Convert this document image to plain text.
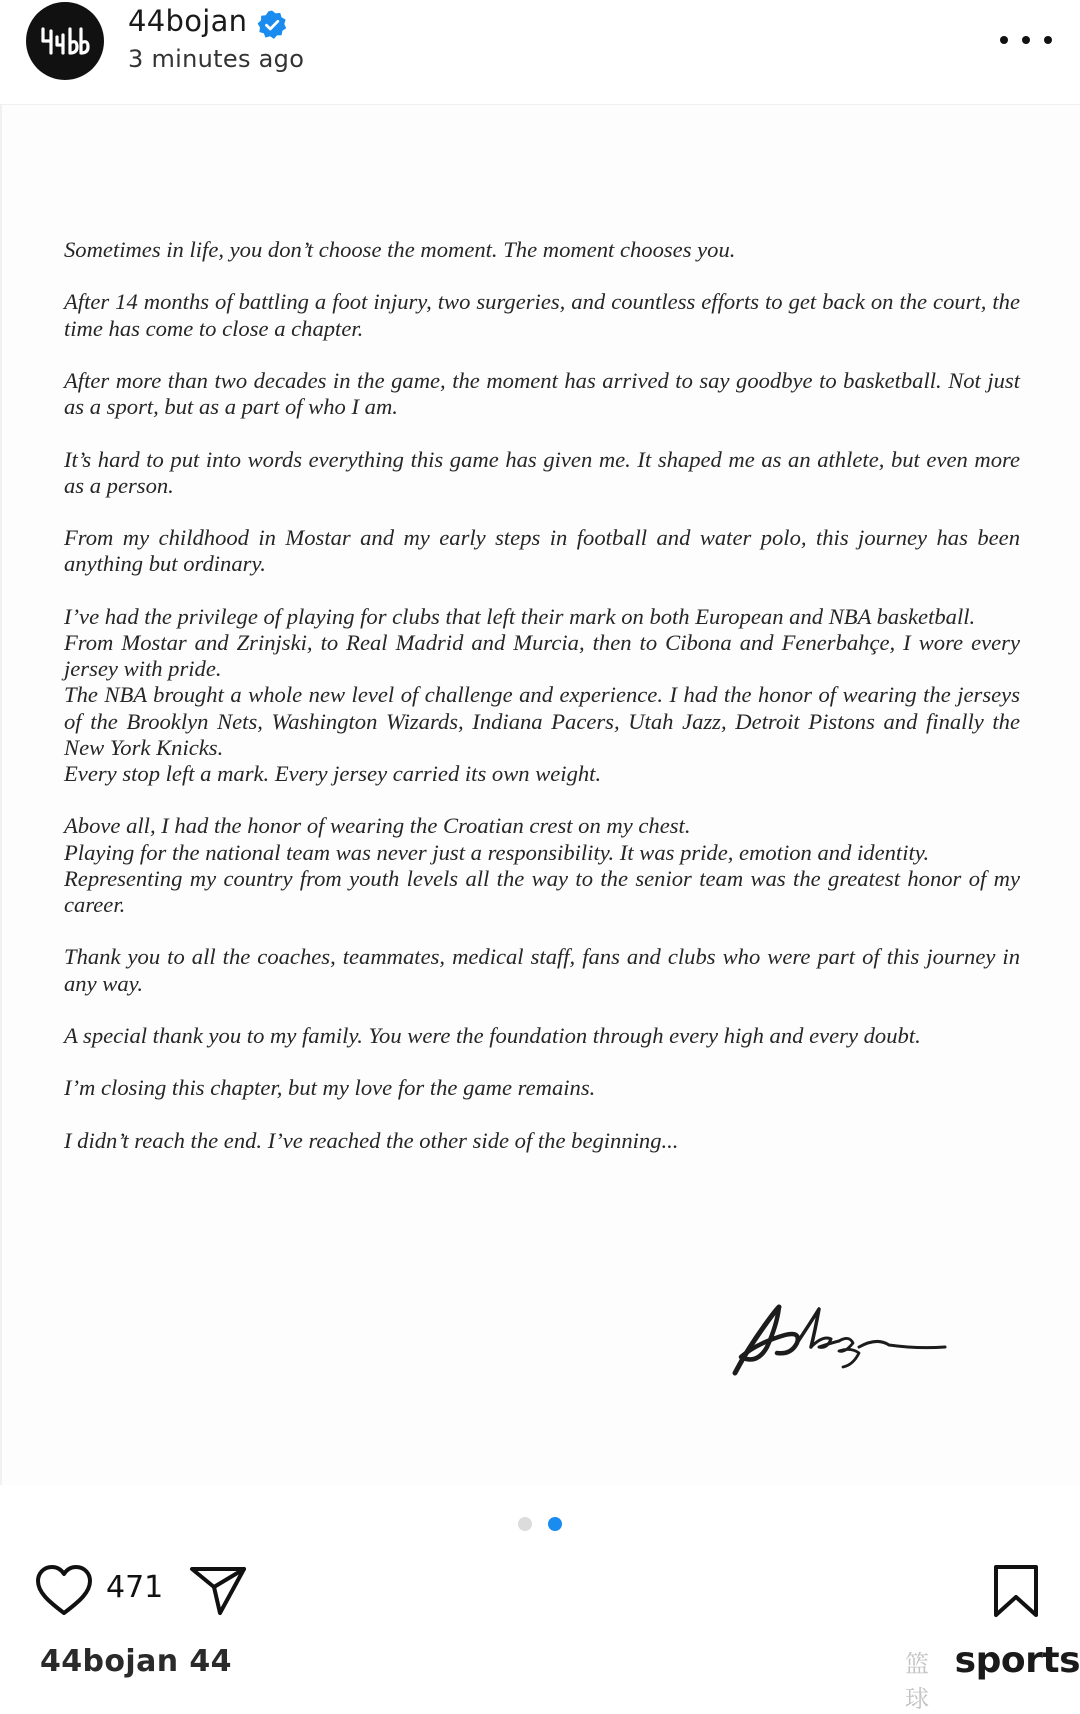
44bojan
3 minutes ago

Sometimes in life, you don’t choose the moment. The moment chooses you.

After 14 months of battling a foot injury, two surgeries, and countless efforts to get back on the court, the time has come to close a chapter.

After more than two decades in the game, the moment has arrived to say goodbye to basketball. Not just as a sport, but as a part of who I am.

It’s hard to put into words everything this game has given me. It shaped me as an athlete, but even more as a person.

From my childhood in Mostar and my early steps in football and water polo, this journey has been anything but ordinary.

I’ve had the privilege of playing for clubs that left their mark on both European and NBA basketball.
From Mostar and Zrinjski, to Real Madrid and Murcia, then to Cibona and Fenerbahçe, I wore every jersey with pride.
The NBA brought a whole new level of challenge and experience. I had the honor of wearing the jerseys of the Brooklyn Nets, Washington Wizards, Indiana Pacers, Utah Jazz, Detroit Pistons and finally the New York Knicks.
Every stop left a mark. Every jersey carried its own weight.

Above all, I had the honor of wearing the Croatian crest on my chest.
Playing for the national team was never just a responsibility. It was pride, emotion and identity.
Representing my country from youth levels all the way to the senior team was the greatest honor of my career.

Thank you to all the coaches, teammates, medical staff, fans and clubs who were part of this journey in any way.

A special thank you to my family. You were the foundation through every high and every doubt.

I’m closing this chapter, but my love for the game remains.

I didn’t reach the end. I’ve reached the other side of the beginning...

471
44bojan 44	篮球
sports
